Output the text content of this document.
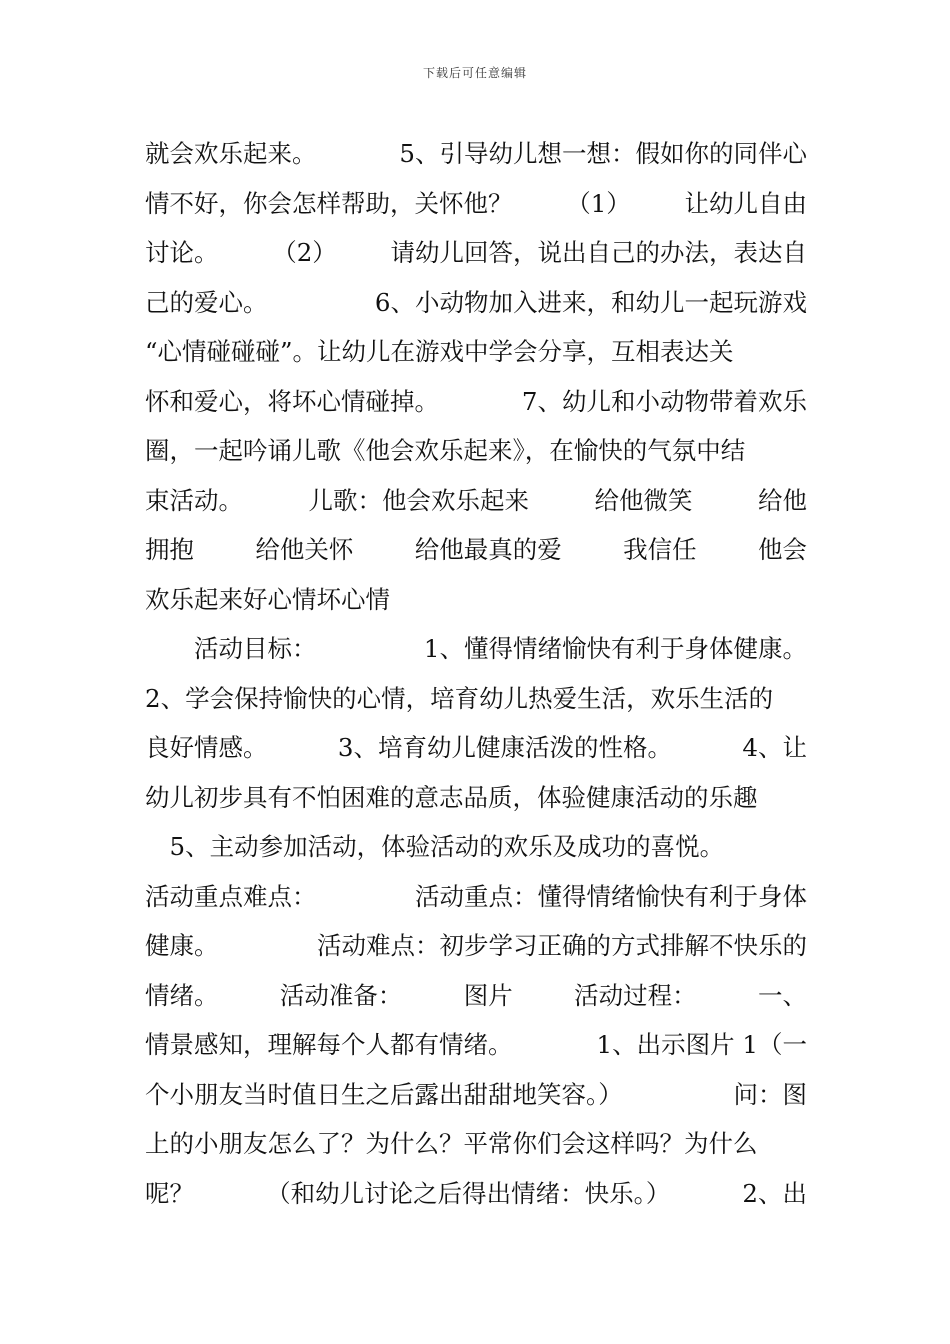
下载后可任意编辑
就会欢乐起来。	5、引导幼儿想一想：假如你的同伴心
情不好，你会怎样帮助，关怀他？ （1） 让幼儿自由
讨论。 （2） 请幼儿回答，说出自己的办法，表达自
己的爱心。	6、小动物加入进来，和幼儿一起玩游戏
“心情碰碰碰”。让幼儿在游戏中学会分享，互相表达关
怀和爱心，将坏心情碰掉。	7、幼儿和小动物带着欢乐
圈，一起吟诵儿歌《他会欢乐起来》，在愉快的气氛中结
束活动。	儿歌：他会欢乐起来	给他微笑	给他
拥抱	给他关怀	给他最真的爱	我信任	他会
欢乐起来好心情坏心情
　　活动目标：	1、懂得情绪愉快有利于身体健康。
2、学会保持愉快的心情，培育幼儿热爱生活，欢乐生活的
良好情感。	3、培育幼儿健康活泼的性格。	4、让
幼儿初步具有不怕困难的意志品质，体验健康活动的乐趣
　5、主动参加活动，体验活动的欢乐及成功的喜悦。
活动重点难点：	活动重点：懂得情绪愉快有利于身体
健康。	活动难点：初步学习正确的方式排解不快乐的
情绪。	活动准备：	图片	活动过程：	一、
情景感知，理解每个人都有情绪。	1、出示图片 1（一
个小朋友当时值日生之后露出甜甜地笑容。）	问：图
上的小朋友怎么了？为什么？平常你们会这样吗？为什么
呢？	（和幼儿讨论之后得出情绪：快乐。）	2、出
